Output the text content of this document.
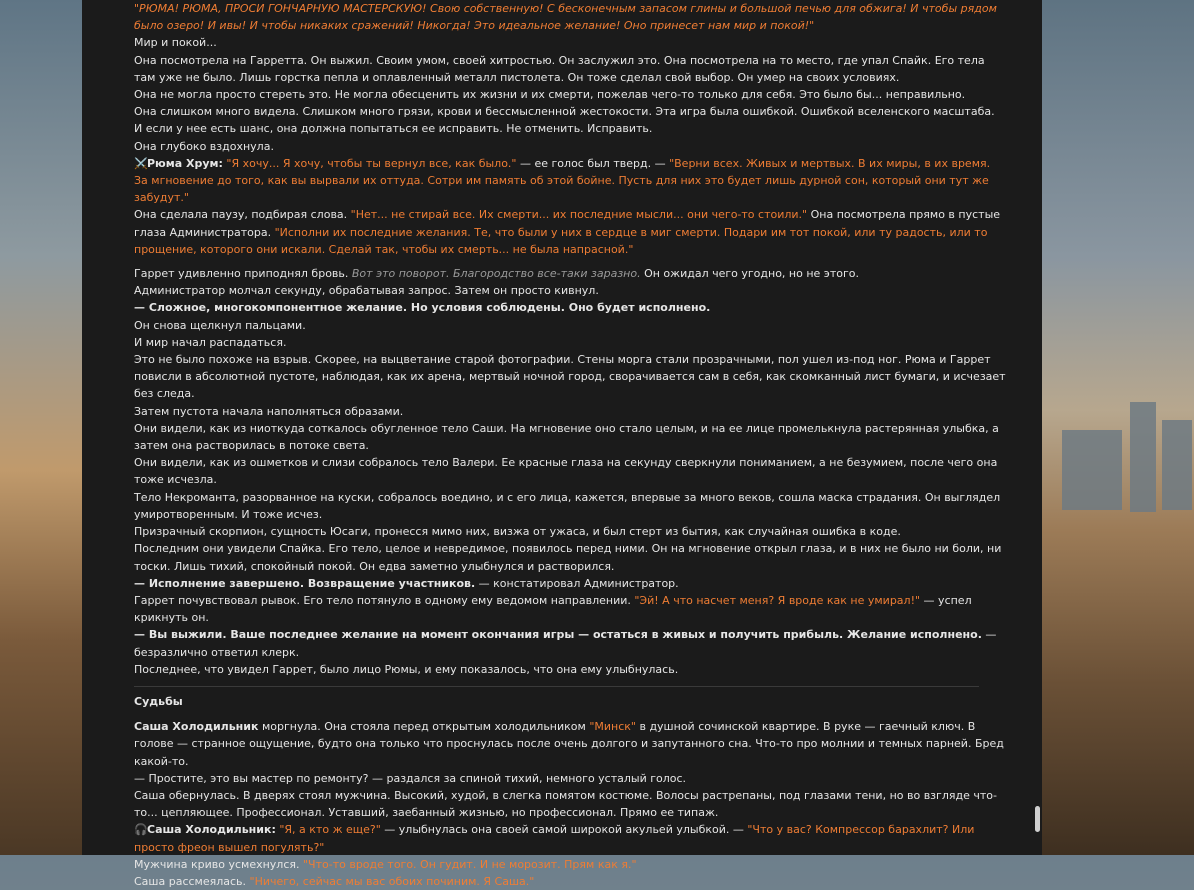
"РЮМА! РЮМА, ПРОСИ ГОНЧАРНУЮ МАСТЕРСКУЮ! Свою собственную! С бесконечным запасом глины и большой печью для обжига! И чтобы рядом было озеро! И ивы! И чтобы никаких сражений! Никогда! Это идеальное желание! Оно принесет нам мир и покой!"

Мир и покой...

Она посмотрела на Гарретта. Он выжил. Своим умом, своей хитростью. Он заслужил это. Она посмотрела на то место, где упал Спайк. Его тела там уже не было. Лишь горстка пепла и оплавленный металл пистолета. Он тоже сделал свой выбор. Он умер на своих условиях.

Она не могла просто стереть это. Не могла обесценить их жизни и их смерти, пожелав чего-то только для себя. Это было бы... неправильно.

Она слишком много видела. Слишком много грязи, крови и бессмысленной жестокости. Эта игра была ошибкой. Ошибкой вселенского масштаба. И если у нее есть шанс, она должна попытаться ее исправить. Не отменить. Исправить.

Она глубоко вздохнула.

⚔️Рюма Хрум: "Я хочу... Я хочу, чтобы ты вернул все, как было." — ее голос был тверд. — "Верни всех. Живых и мертвых. В их миры, в их время. За мгновение до того, как вы вырвали их оттуда. Сотри им память об этой бойне. Пусть для них это будет лишь дурной сон, который они тут же забудут."

Она сделала паузу, подбирая слова. "Нет... не стирай все. Их смерти... их последние мысли... они чего-то стоили." Она посмотрела прямо в пустые глаза Администратора. "Исполни их последние желания. Те, что были у них в сердце в миг смерти. Подари им тот покой, или ту радость, или то прощение, которого они искали. Сделай так, чтобы их смерть... не была напрасной."

Гаррет удивленно приподнял бровь. Вот это поворот. Благородство все-таки заразно. Он ожидал чего угодно, но не этого.

Администратор молчал секунду, обрабатывая запрос. Затем он просто кивнул.

— Сложное, многокомпонентное желание. Но условия соблюдены. Оно будет исполнено.

Он снова щелкнул пальцами.

И мир начал распадаться.

Это не было похоже на взрыв. Скорее, на выцветание старой фотографии. Стены морга стали прозрачными, пол ушел из-под ног. Рюма и Гаррет повисли в абсолютной пустоте, наблюдая, как их арена, мертвый ночной город, сворачивается сам в себя, как скомканный лист бумаги, и исчезает без следа.

Затем пустота начала наполняться образами.

Они видели, как из ниоткуда соткалось обугленное тело Саши. На мгновение оно стало целым, и на ее лице промелькнула растерянная улыбка, а затем она растворилась в потоке света.

Они видели, как из ошметков и слизи собралось тело Валери. Ее красные глаза на секунду сверкнули пониманием, а не безумием, после чего она тоже исчезла.

Тело Некроманта, разорванное на куски, собралось воедино, и с его лица, кажется, впервые за много веков, сошла маска страдания. Он выглядел умиротворенным. И тоже исчез.

Призрачный скорпион, сущность Юсаги, пронесся мимо них, визжа от ужаса, и был стерт из бытия, как случайная ошибка в коде.

Последним они увидели Спайка. Его тело, целое и невредимое, появилось перед ними. Он на мгновение открыл глаза, и в них не было ни боли, ни тоски. Лишь тихий, спокойный покой. Он едва заметно улыбнулся и растворился.

— Исполнение завершено. Возвращение участников. — констатировал Администратор.

Гаррет почувствовал рывок. Его тело потянуло в одному ему ведомом направлении. "Эй! А что насчет меня? Я вроде как не умирал!" — успел крикнуть он.

— Вы выжили. Ваше последнее желание на момент окончания игры — остаться в живых и получить прибыль. Желание исполнено. — безразлично ответил клерк.

Последнее, что увидел Гаррет, было лицо Рюмы, и ему показалось, что она ему улыбнулась.

Судьбы

Саша Холодильник моргнула. Она стояла перед открытым холодильником "Минск" в душной сочинской квартире. В руке — гаечный ключ. В голове — странное ощущение, будто она только что проснулась после очень долгого и запутанного сна. Что-то про молнии и темных парней. Бред какой-то.

— Простите, это вы мастер по ремонту? — раздался за спиной тихий, немного усталый голос.

Саша обернулась. В дверях стоял мужчина. Высокий, худой, в слегка помятом костюме. Волосы растрепаны, под глазами тени, но во взгляде что-то... цепляющее. Профессионал. Уставший, заебанный жизнью, но профессионал. Прямо ее типаж.

🎧Саша Холодильник: "Я, а кто ж еще?" — улыбнулась она своей самой широкой акульей улыбкой. — "Что у вас? Компрессор барахлит? Или просто фреон вышел погулять?"

Мужчина криво усмехнулся. "Что-то вроде того. Он гудит. И не морозит. Прям как я."

Саша рассмеялась. "Ничего, сейчас мы вас обоих починим. Я Саша."
